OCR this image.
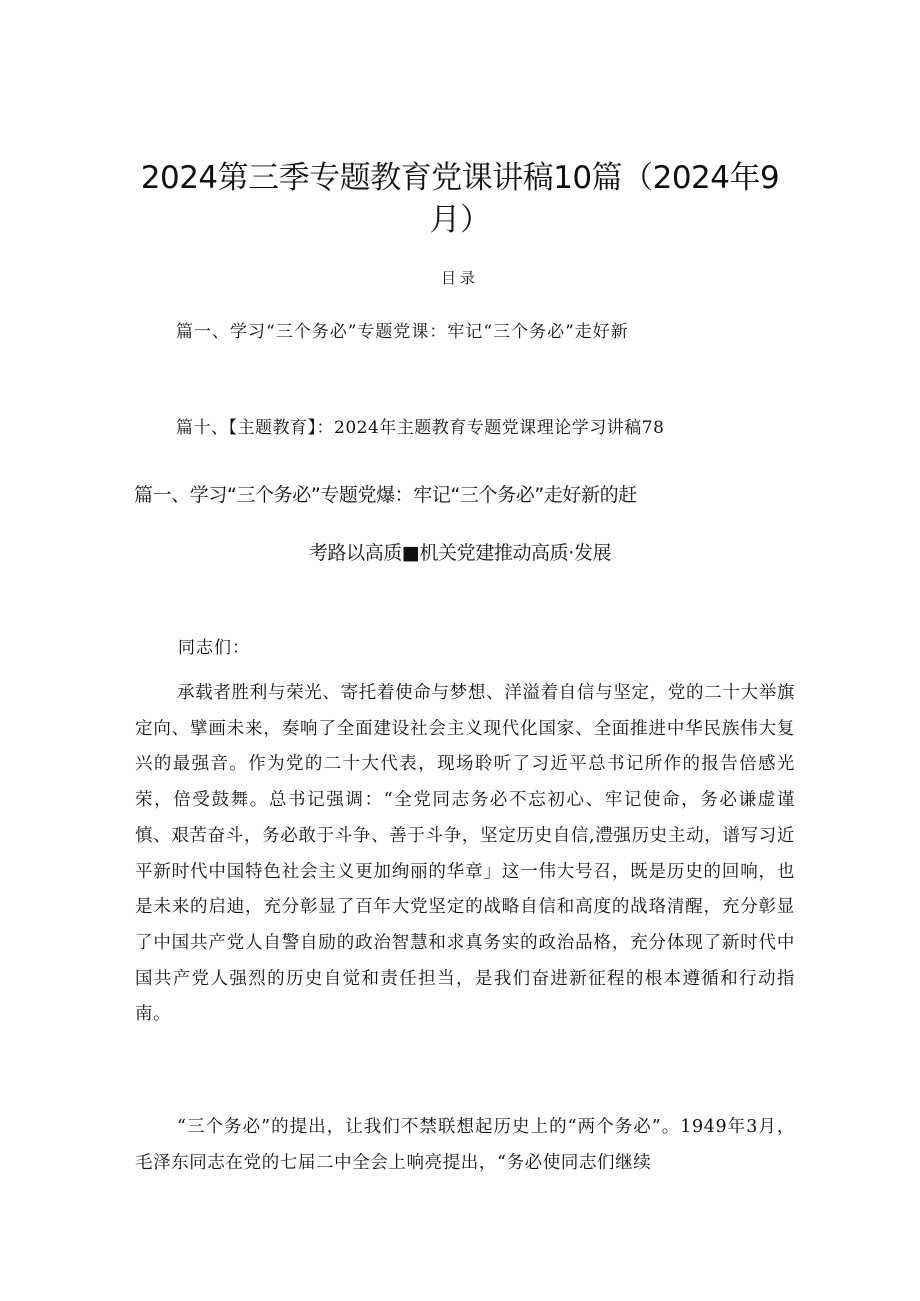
2024第三季专题教育党课讲稿10篇（2024年9月）
目录
篇一、学习“三个务必”专题党课：牢记“三个务必”走好新
篇十、【主题教育】：2024年主题教育专题党课理论学习讲稿78
篇一、学习“三个务必”专题党爆：牢记“三个务必”走好新的赶
考路以高质■机关党建推动高质·发展
同志们：

承载者胜利与荣光、寄托着使命与梦想、洋溢着自信与坚定，党的二十大举旗定向、擘画未来，奏响了全面建设社会主义现代化国家、全面推进中华民族伟大复兴的最强音。作为党的二十大代表，现场聆听了习近平总书记所作的报告倍感光荣，倍受鼓舞。总书记强调：“全党同志务必不忘初心、牢记使命，务必谦虚谨慎、艰苦奋斗，务必敢于斗争、善于斗争，坚定历史自信,澧强历史主动，谱写习近平新时代中国特色社会主义更加绚丽的华章」这一伟大号召，既是历史的回响，也是未来的启迪，充分彰显了百年大党坚定的战略自信和高度的战珞清醒，充分彰显了中国共产党人自警自励的政治智慧和求真务实的政治品格，充分体现了新时代中国共产党人强烈的历史自觉和责任担当，是我们奋进新征程的根本遵循和行动指南。

“三个务必”的提出，让我们不禁联想起历史上的“两个务必”。1949年3月，毛泽东同志在党的七届二中全会上响亮提出，“务必使同志们继续
